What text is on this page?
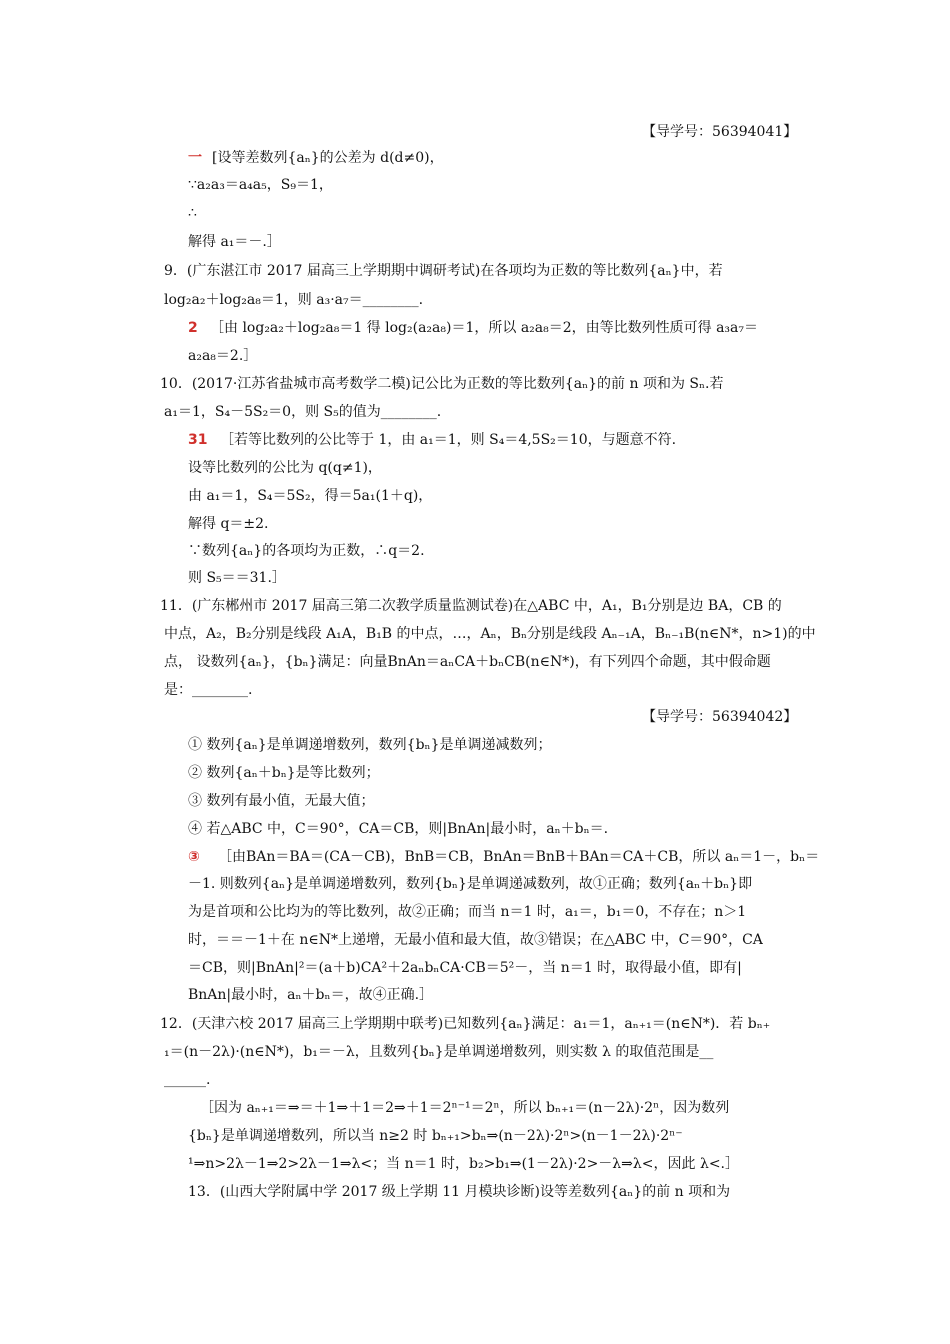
【导学号：56394041】
一 [设等差数列{aₙ}的公差为 d(d≠0)，
∵a₂a₃＝a₄a₅，S₉＝1，
∴
解得 a₁＝－.］
9．(广东湛江市 2017 届高三上学期期中调研考试)在各项均为正数的等比数列{aₙ}中，若
log₂a₂＋log₂a₈＝1，则 a₃·a₇＝________.
2 ［由 log₂a₂＋log₂a₈＝1 得 log₂(a₂a₈)＝1，所以 a₂a₈＝2，由等比数列性质可得 a₃a₇＝
a₂a₈＝2.］
10．(2017·江苏省盐城市高考数学二模)记公比为正数的等比数列{aₙ}的前 n 项和为 Sₙ.若
a₁＝1，S₄－5S₂＝0，则 S₅的值为________.
31 ［若等比数列的公比等于 1，由 a₁＝1，则 S₄＝4,5S₂＝10，与题意不符.
设等比数列的公比为 q(q≠1)，
由 a₁＝1，S₄＝5S₂，得＝5a₁(1＋q)，
解得 q＝±2.
∵数列{aₙ}的各项均为正数，∴q＝2.
则 S₅＝＝31.］
11．(广东郴州市 2017 届高三第二次教学质量监测试卷)在△ABC 中，A₁，B₁分别是边 BA，CB 的
中点，A₂，B₂分别是线段 A₁A，B₁B 的中点，…，Aₙ，Bₙ分别是线段 Aₙ₋₁A，Bₙ₋₁B(n∈N*，n>1)的中
点， 设数列{aₙ}，{bₙ}满足：向量BnAn＝aₙCA＋bₙCB(n∈N*)，有下列四个命题，其中假命题
是：________.
【导学号：56394042】
① 数列{aₙ}是单调递增数列，数列{bₙ}是单调递减数列；
② 数列{aₙ＋bₙ}是等比数列；
③ 数列有最小值，无最大值；
④ 若△ABC 中，C＝90°，CA＝CB，则|BnAn|最小时，aₙ＋bₙ＝.
③ ［由BAn＝BA＝(CA－CB)，BnB＝CB，BnAn＝BnB＋BAn＝CA＋CB，所以 aₙ＝1－，bₙ＝
－1. 则数列{aₙ}是单调递增数列，数列{bₙ}是单调递减数列，故①正确；数列{aₙ＋bₙ}即
为是首项和公比均为的等比数列，故②正确；而当 n＝1 时，a₁＝，b₁＝0，不存在；n＞1
时，＝＝－1＋在 n∈N*上递增，无最小值和最大值，故③错误；在△ABC 中，C＝90°，CA
＝CB，则|BnAn|²＝(a＋b)CA²＋2aₙbₙCA·CB＝5²－，当 n＝1 时，取得最小值，即有|
BnAn|最小时，aₙ＋bₙ＝，故④正确.］
12．(天津六校 2017 届高三上学期期中联考)已知数列{aₙ}满足：a₁＝1，aₙ₊₁＝(n∈N*)．若 bₙ₊
₁＝(n－2λ)·(n∈N*)，b₁＝－λ，且数列{bₙ}是单调递增数列，则实数 λ 的取值范围是__
______.
［因为 aₙ₊₁＝⇒＝＋1⇒＋1＝2⇒＋1＝2ⁿ⁻¹＝2ⁿ，所以 bₙ₊₁＝(n－2λ)·2ⁿ，因为数列
{bₙ}是单调递增数列，所以当 n≥2 时 bₙ₊₁>bₙ⇒(n－2λ)·2ⁿ>(n－1－2λ)·2ⁿ⁻
¹⇒n>2λ－1⇒2>2λ－1⇒λ<；当 n＝1 时，b₂>b₁⇒(1－2λ)·2>－λ⇒λ<，因此 λ<.］
13．(山西大学附属中学 2017 级上学期 11 月模块诊断)设等差数列{aₙ}的前 n 项和为
